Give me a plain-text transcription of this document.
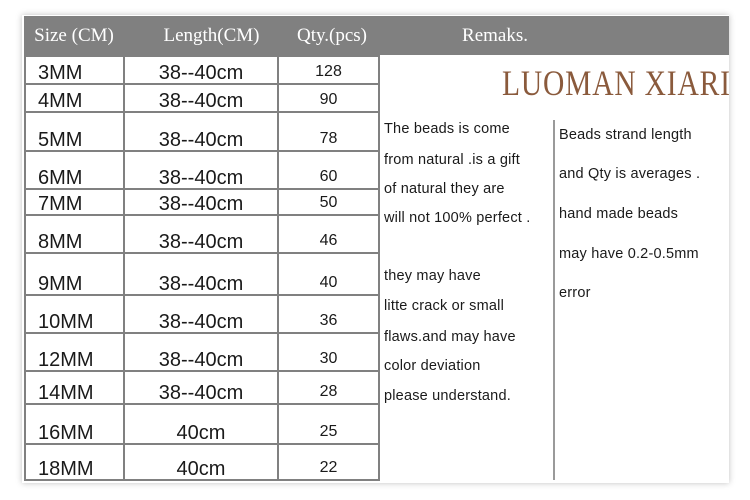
Size (CM)	Length(CM)	Qty.(pcs)	Remaks.
3MM	38--40cm	128
4MM	38--40cm	90
5MM	38--40cm	78
6MM	38--40cm	60
7MM	38--40cm	50
8MM	38--40cm	46
9MM	38--40cm	40
10MM	38--40cm	36
12MM	38--40cm	30
14MM	38--40cm	28
16MM	40cm	25
18MM	40cm	22
LUOMAN XIARI
The beads is come
from natural .is a gift
of natural they are
will not 100% perfect .
they may have
litte crack or small
flaws.and may have
color deviation
please understand.
Beads strand length
and Qty is averages .
hand made beads
may have 0.2-0.5mm
error
